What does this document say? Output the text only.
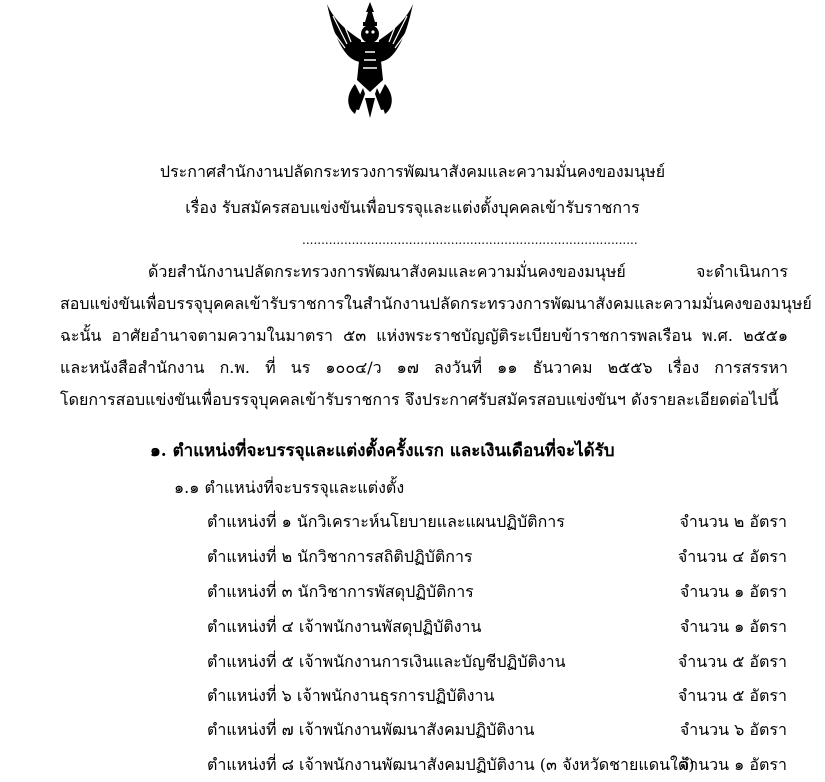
ประกาศสำนักงานปลัดกระทรวงการพัฒนาสังคมและความมั่นคงของมนุษย์
เรื่อง รับสมัครสอบแข่งขันเพื่อบรรจุและแต่งตั้งบุคคลเข้ารับราชการ
........................................................................................
ด้วยสำนักงานปลัดกระทรวงการพัฒนาสังคมและความมั่นคงของมนุษย์ จะดำเนินการ
สอบแข่งขันเพื่อบรรจุบุคคลเข้ารับราชการในสำนักงานปลัดกระทรวงการพัฒนาสังคมและความมั่นคงของมนุษย์
ฉะนั้น อาศัยอำนาจตามความในมาตรา ๕๓ แห่งพระราชบัญญัติระเบียบข้าราชการพลเรือน พ.ศ. ๒๕๕๑
และหนังสือสำนักงาน ก.พ. ที่ นร ๑๐๐๔/ว ๑๗ ลงวันที่ ๑๑ ธันวาคม ๒๕๕๖ เรื่อง การสรรหา
โดยการสอบแข่งขันเพื่อบรรจุบุคคลเข้ารับราชการ จึงประกาศรับสมัครสอบแข่งขันฯ ดังรายละเอียดต่อไปนี้
๑. ตำแหน่งที่จะบรรจุและแต่งตั้งครั้งแรก และเงินเดือนที่จะได้รับ
๑.๑ ตำแหน่งที่จะบรรจุและแต่งตั้ง
ตำแหน่งที่ ๑ นักวิเคราะห์นโยบายและแผนปฏิบัติการ	จำนวน ๒ อัตรา
ตำแหน่งที่ ๒ นักวิชาการสถิติปฏิบัติการ	จำนวน ๔ อัตรา
ตำแหน่งที่ ๓ นักวิชาการพัสดุปฏิบัติการ	จำนวน ๑ อัตรา
ตำแหน่งที่ ๔ เจ้าพนักงานพัสดุปฏิบัติงาน	จำนวน ๑ อัตรา
ตำแหน่งที่ ๕ เจ้าพนักงานการเงินและบัญชีปฏิบัติงาน	จำนวน ๕ อัตรา
ตำแหน่งที่ ๖ เจ้าพนักงานธุรการปฏิบัติงาน	จำนวน ๕ อัตรา
ตำแหน่งที่ ๗ เจ้าพนักงานพัฒนาสังคมปฏิบัติงาน	จำนวน ๖ อัตรา
ตำแหน่งที่ ๘ เจ้าพนักงานพัฒนาสังคมปฏิบัติงาน (๓ จังหวัดชายแดนใต้)
จำนวน ๑ อัตรา
